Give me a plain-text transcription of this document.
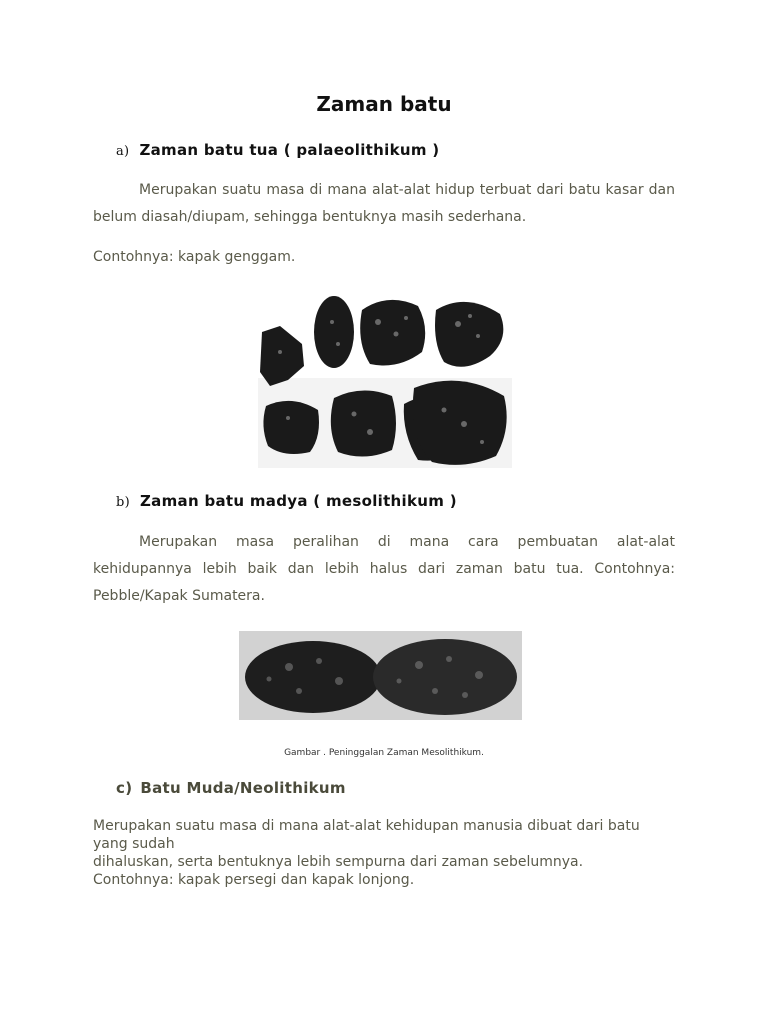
Zaman batu
a) Zaman batu tua ( palaeolithikum )
Merupakan suatu masa di mana alat-alat hidup terbuat dari batu kasar dan belum diasah/diupam, sehingga bentuknya masih sederhana.
Contohnya: kapak genggam.
b) Zaman batu madya ( mesolithikum )
Merupakan masa peralihan di mana cara pembuatan alat-alat kehidupannya lebih baik dan lebih halus dari zaman batu tua. Contohnya: Pebble/Kapak Sumatera.
Gambar . Peninggalan Zaman Mesolithikum.
c) Batu Muda/Neolithikum
Merupakan suatu masa di mana alat-alat kehidupan manusia dibuat dari batu yang sudah
dihaluskan, serta bentuknya lebih sempurna dari zaman sebelumnya.
Contohnya: kapak persegi dan kapak lonjong.
